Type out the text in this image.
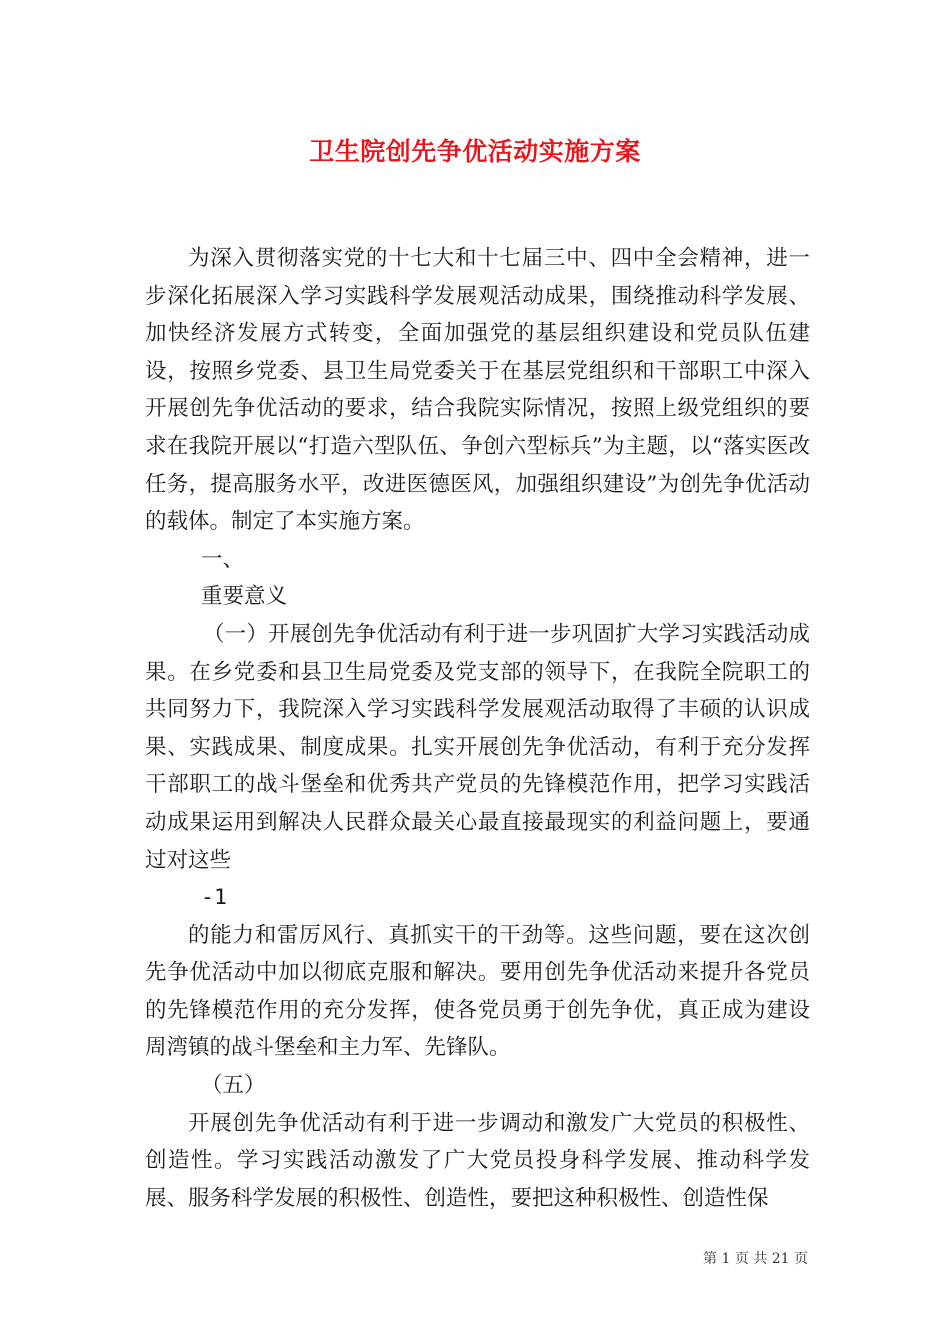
卫生院创先争优活动实施方案

为深入贯彻落实党的十七大和十七届三中、四中全会精神，进一步深化拓展深入学习实践科学发展观活动成果，围绕推动科学发展、加快经济发展方式转变，全面加强党的基层组织建设和党员队伍建设，按照乡党委、县卫生局党委关于在基层党组织和干部职工中深入开展创先争优活动的要求，结合我院实际情况，按照上级党组织的要求在我院开展以“打造六型队伍、争创六型标兵”为主题，以“落实医改任务，提高服务水平，改进医德医风，加强组织建设”为创先争优活动的载体。制定了本实施方案。

一、

重要意义

（一）开展创先争优活动有利于进一步巩固扩大学习实践活动成果。在乡党委和县卫生局党委及党支部的领导下，在我院全院职工的共同努力下，我院深入学习实践科学发展观活动取得了丰硕的认识成果、实践成果、制度成果。扎实开展创先争优活动，有利于充分发挥干部职工的战斗堡垒和优秀共产党员的先锋模范作用，把学习实践活动成果运用到解决人民群众最关心最直接最现实的利益问题上，要通过对这些

-1

的能力和雷厉风行、真抓实干的干劲等。这些问题，要在这次创先争优活动中加以彻底克服和解决。要用创先争优活动来提升各党员的先锋模范作用的充分发挥，使各党员勇于创先争优，真正成为建设周湾镇的战斗堡垒和主力军、先锋队。

（五）

开展创先争优活动有利于进一步调动和激发广大党员的积极性、创造性。学习实践活动激发了广大党员投身科学发展、推动科学发展、服务科学发展的积极性、创造性，要把这种积极性、创造性保

第 1 页 共 21 页
